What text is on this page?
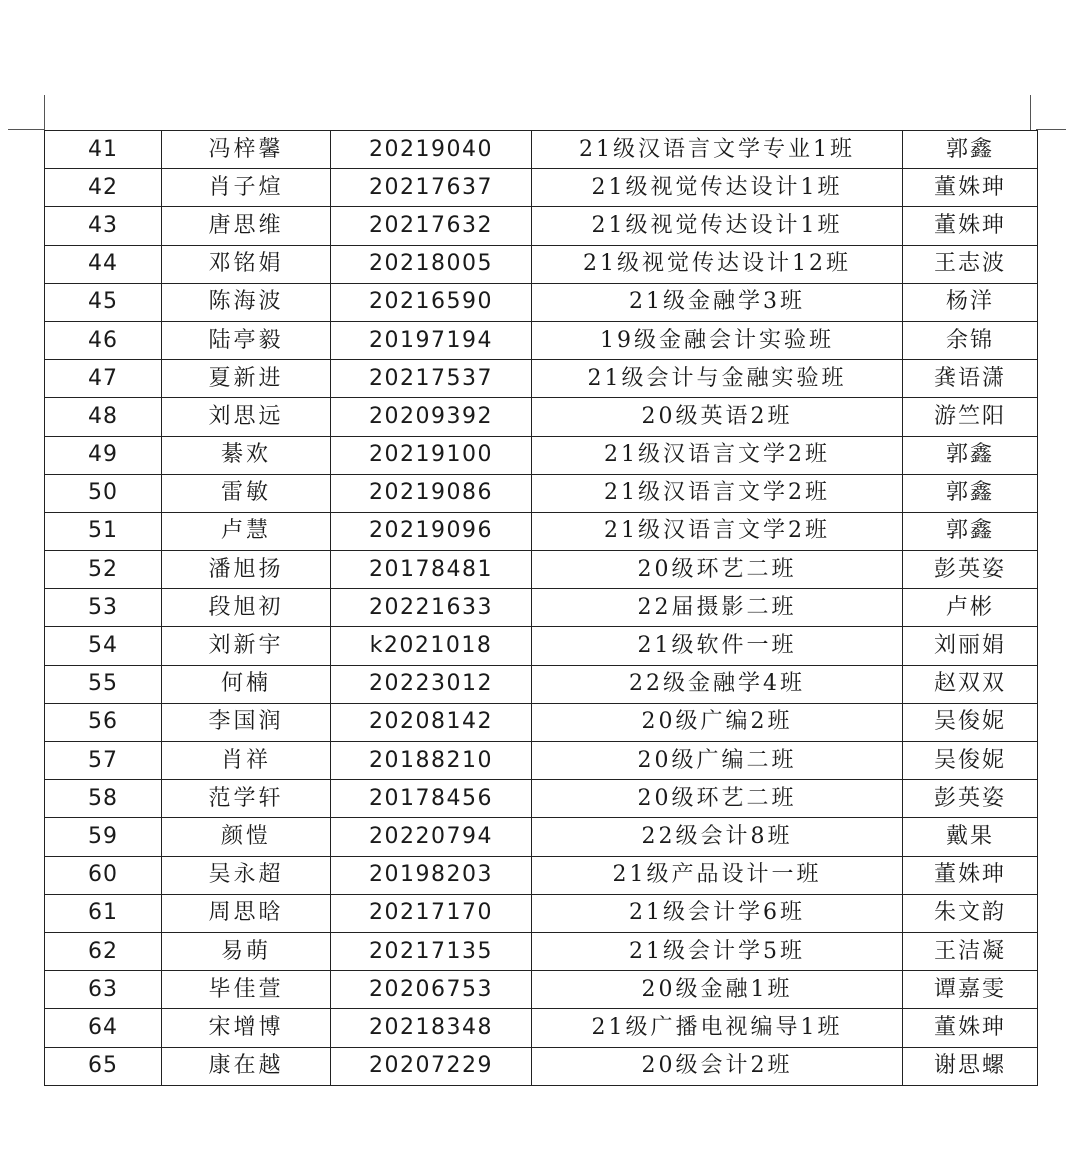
41	冯梓馨	20219040	21级汉语言文学专业1班	郭鑫
42	肖子煊	20217637	21级视觉传达设计1班	董姝珅
43	唐思维	20217632	21级视觉传达设计1班	董姝珅
44	邓铭娟	20218005	21级视觉传达设计12班	王志波
45	陈海波	20216590	21级金融学3班	杨洋
46	陆亭毅	20197194	19级金融会计实验班	余锦
47	夏新进	20217537	21级会计与金融实验班	龚语潇
48	刘思远	20209392	20级英语2班	游竺阳
49	綦欢	20219100	21级汉语言文学2班	郭鑫
50	雷敏	20219086	21级汉语言文学2班	郭鑫
51	卢慧	20219096	21级汉语言文学2班	郭鑫
52	潘旭扬	20178481	20级环艺二班	彭英姿
53	段旭初	20221633	22届摄影二班	卢彬
54	刘新宇	k2021018	21级软件一班	刘丽娟
55	何楠	20223012	22级金融学4班	赵双双
56	李国润	20208142	20级广编2班	吴俊妮
57	肖祥	20188210	20级广编二班	吴俊妮
58	范学轩	20178456	20级环艺二班	彭英姿
59	颜愷	20220794	22级会计8班	戴果
60	吴永超	20198203	21级产品设计一班	董姝珅
61	周思晗	20217170	21级会计学6班	朱文韵
62	易萌	20217135	21级会计学5班	王洁凝
63	毕佳萱	20206753	20级金融1班	谭嘉雯
64	宋增博	20218348	21级广播电视编导1班	董姝珅
65	康在越	20207229	20级会计2班	谢思螺
